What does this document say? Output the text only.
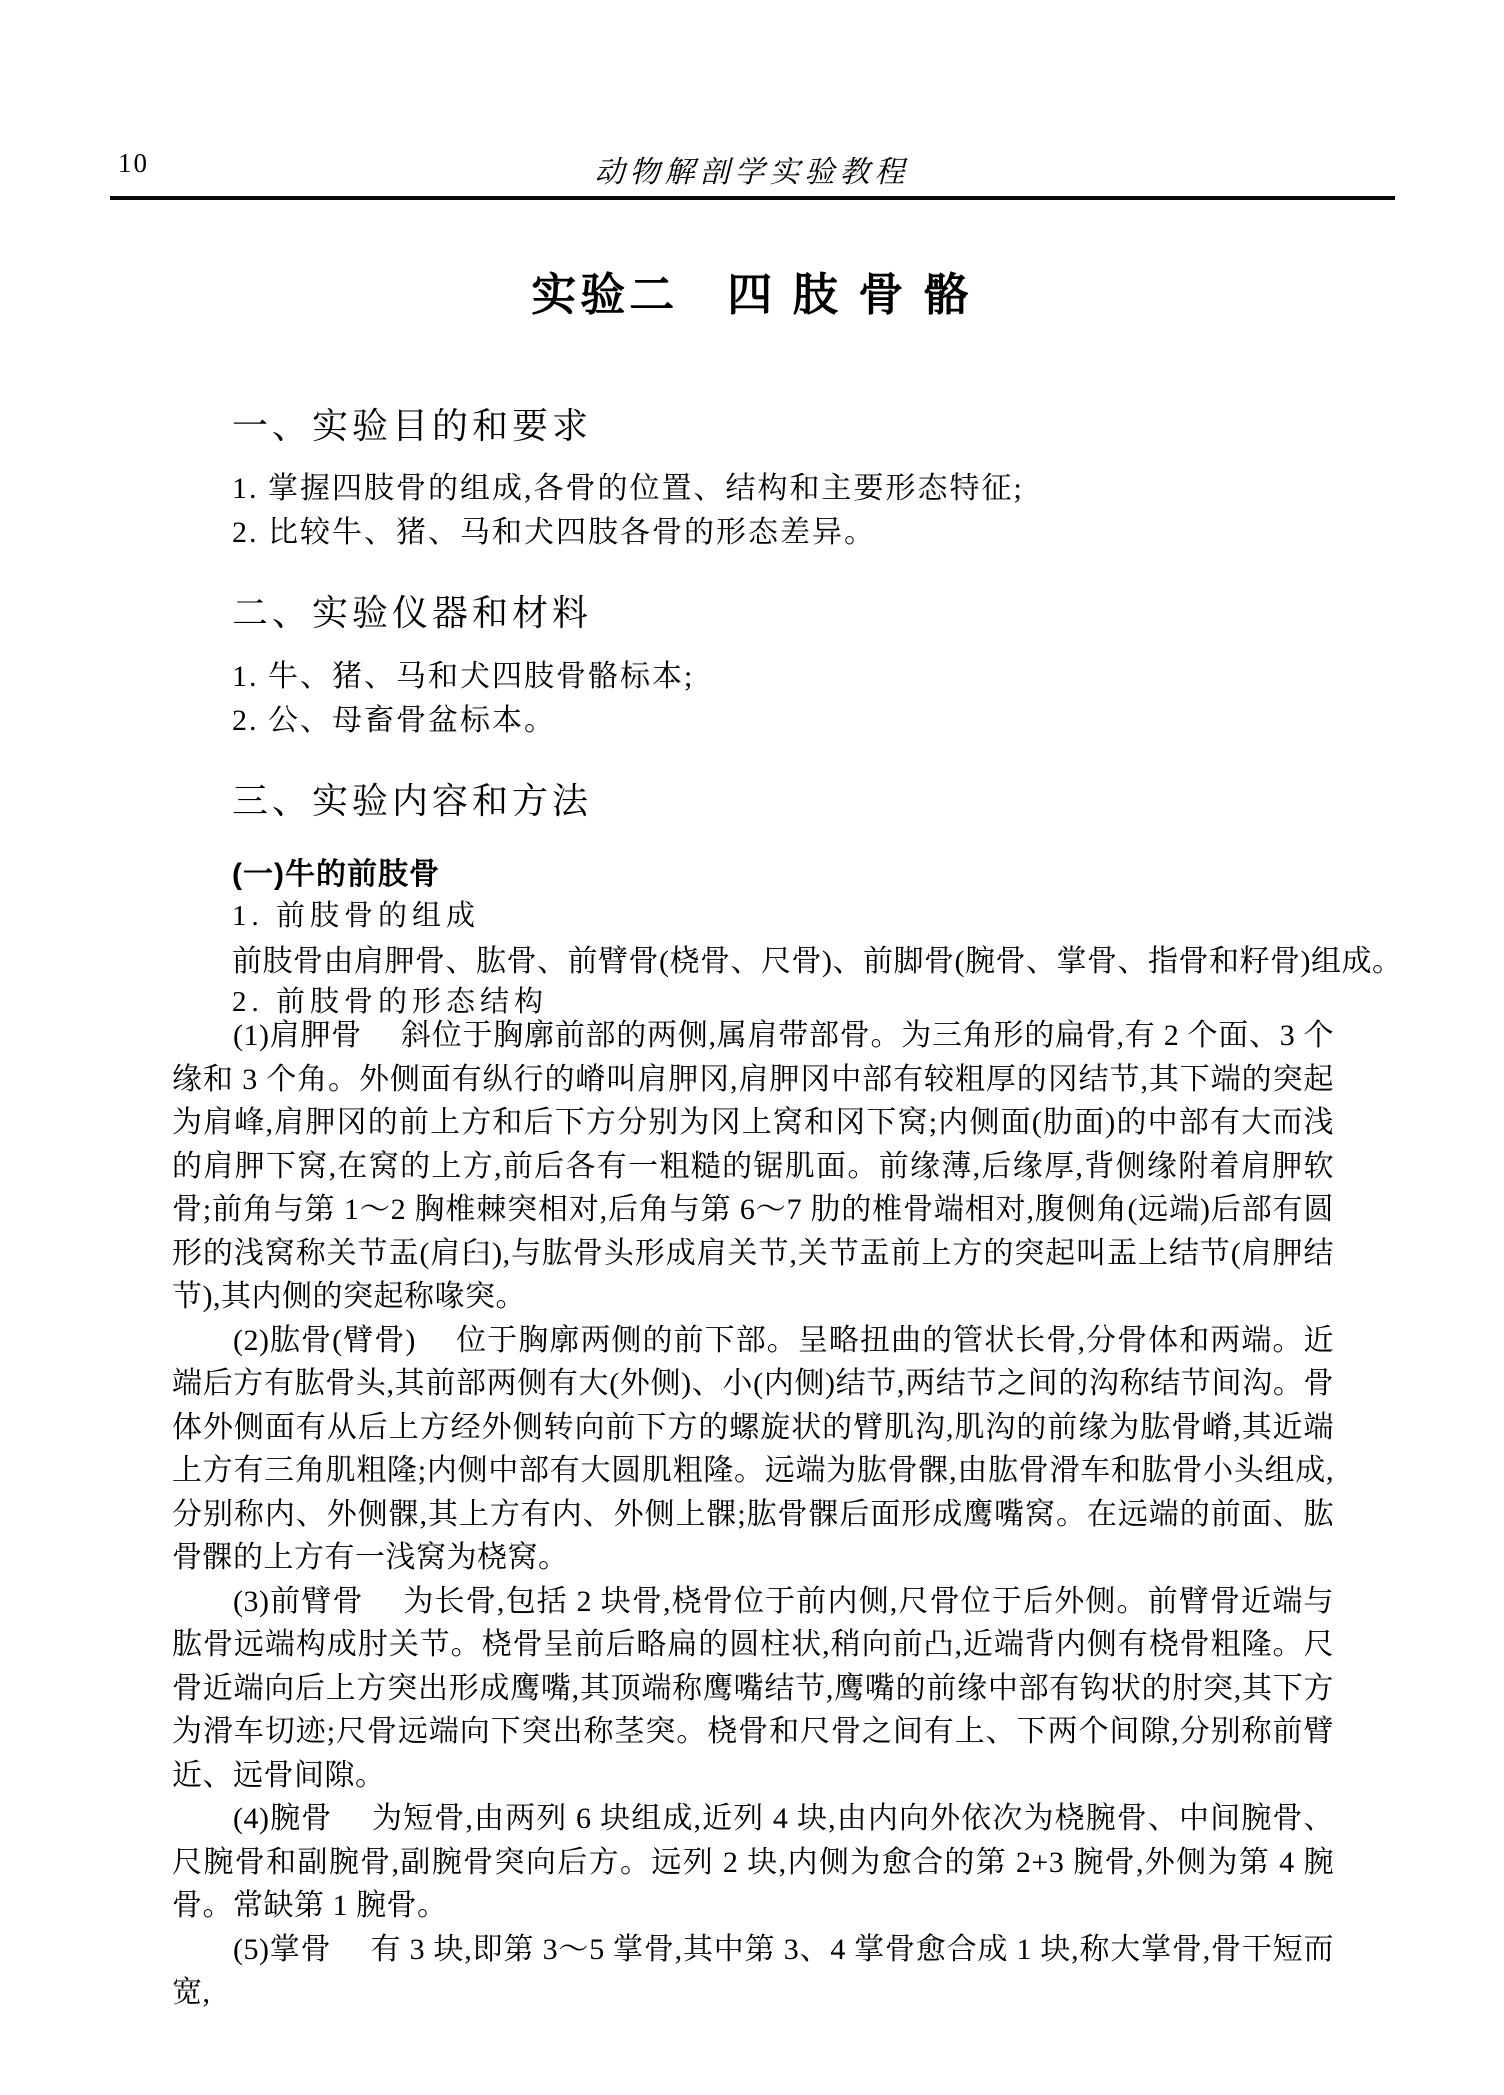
10	动物解剖学实验教程
实验二　四 肢 骨 骼
一、实验目的和要求
1. 掌握四肢骨的组成,各骨的位置、结构和主要形态特征;
2. 比较牛、猪、马和犬四肢各骨的形态差异。
二、实验仪器和材料
1. 牛、猪、马和犬四肢骨骼标本;
2. 公、母畜骨盆标本。
三、实验内容和方法
(一)牛的前肢骨
1. 前肢骨的组成
前肢骨由肩胛骨、肱骨、前臂骨(桡骨、尺骨)、前脚骨(腕骨、掌骨、指骨和籽骨)组成。
2. 前肢骨的形态结构

(1)肩胛骨　 斜位于胸廓前部的两侧,属肩带部骨。为三角形的扁骨,有 2 个面、3 个缘和 3 个角。外侧面有纵行的嵴叫肩胛冈,肩胛冈中部有较粗厚的冈结节,其下端的突起为肩峰,肩胛冈的前上方和后下方分别为冈上窝和冈下窝;内侧面(肋面)的中部有大而浅的肩胛下窝,在窝的上方,前后各有一粗糙的锯肌面。前缘薄,后缘厚,背侧缘附着肩胛软骨;前角与第 1～2 胸椎棘突相对,后角与第 6～7 肋的椎骨端相对,腹侧角(远端)后部有圆形的浅窝称关节盂(肩臼),与肱骨头形成肩关节,关节盂前上方的突起叫盂上结节(肩胛结节),其内侧的突起称喙突。

(2)肱骨(臂骨)　 位于胸廓两侧的前下部。呈略扭曲的管状长骨,分骨体和两端。近端后方有肱骨头,其前部两侧有大(外侧)、小(内侧)结节,两结节之间的沟称结节间沟。骨体外侧面有从后上方经外侧转向前下方的螺旋状的臂肌沟,肌沟的前缘为肱骨嵴,其近端上方有三角肌粗隆;内侧中部有大圆肌粗隆。远端为肱骨髁,由肱骨滑车和肱骨小头组成,分别称内、外侧髁,其上方有内、外侧上髁;肱骨髁后面形成鹰嘴窝。在远端的前面、肱骨髁的上方有一浅窝为桡窝。

(3)前臂骨　 为长骨,包括 2 块骨,桡骨位于前内侧,尺骨位于后外侧。前臂骨近端与肱骨远端构成肘关节。桡骨呈前后略扁的圆柱状,稍向前凸,近端背内侧有桡骨粗隆。尺骨近端向后上方突出形成鹰嘴,其顶端称鹰嘴结节,鹰嘴的前缘中部有钩状的肘突,其下方为滑车切迹;尺骨远端向下突出称茎突。桡骨和尺骨之间有上、下两个间隙,分别称前臂近、远骨间隙。

(4)腕骨　 为短骨,由两列 6 块组成,近列 4 块,由内向外依次为桡腕骨、中间腕骨、尺腕骨和副腕骨,副腕骨突向后方。远列 2 块,内侧为愈合的第 2+3 腕骨,外侧为第 4 腕骨。常缺第 1 腕骨。

(5)掌骨　 有 3 块,即第 3～5 掌骨,其中第 3、4 掌骨愈合成 1 块,称大掌骨,骨干短而宽,
